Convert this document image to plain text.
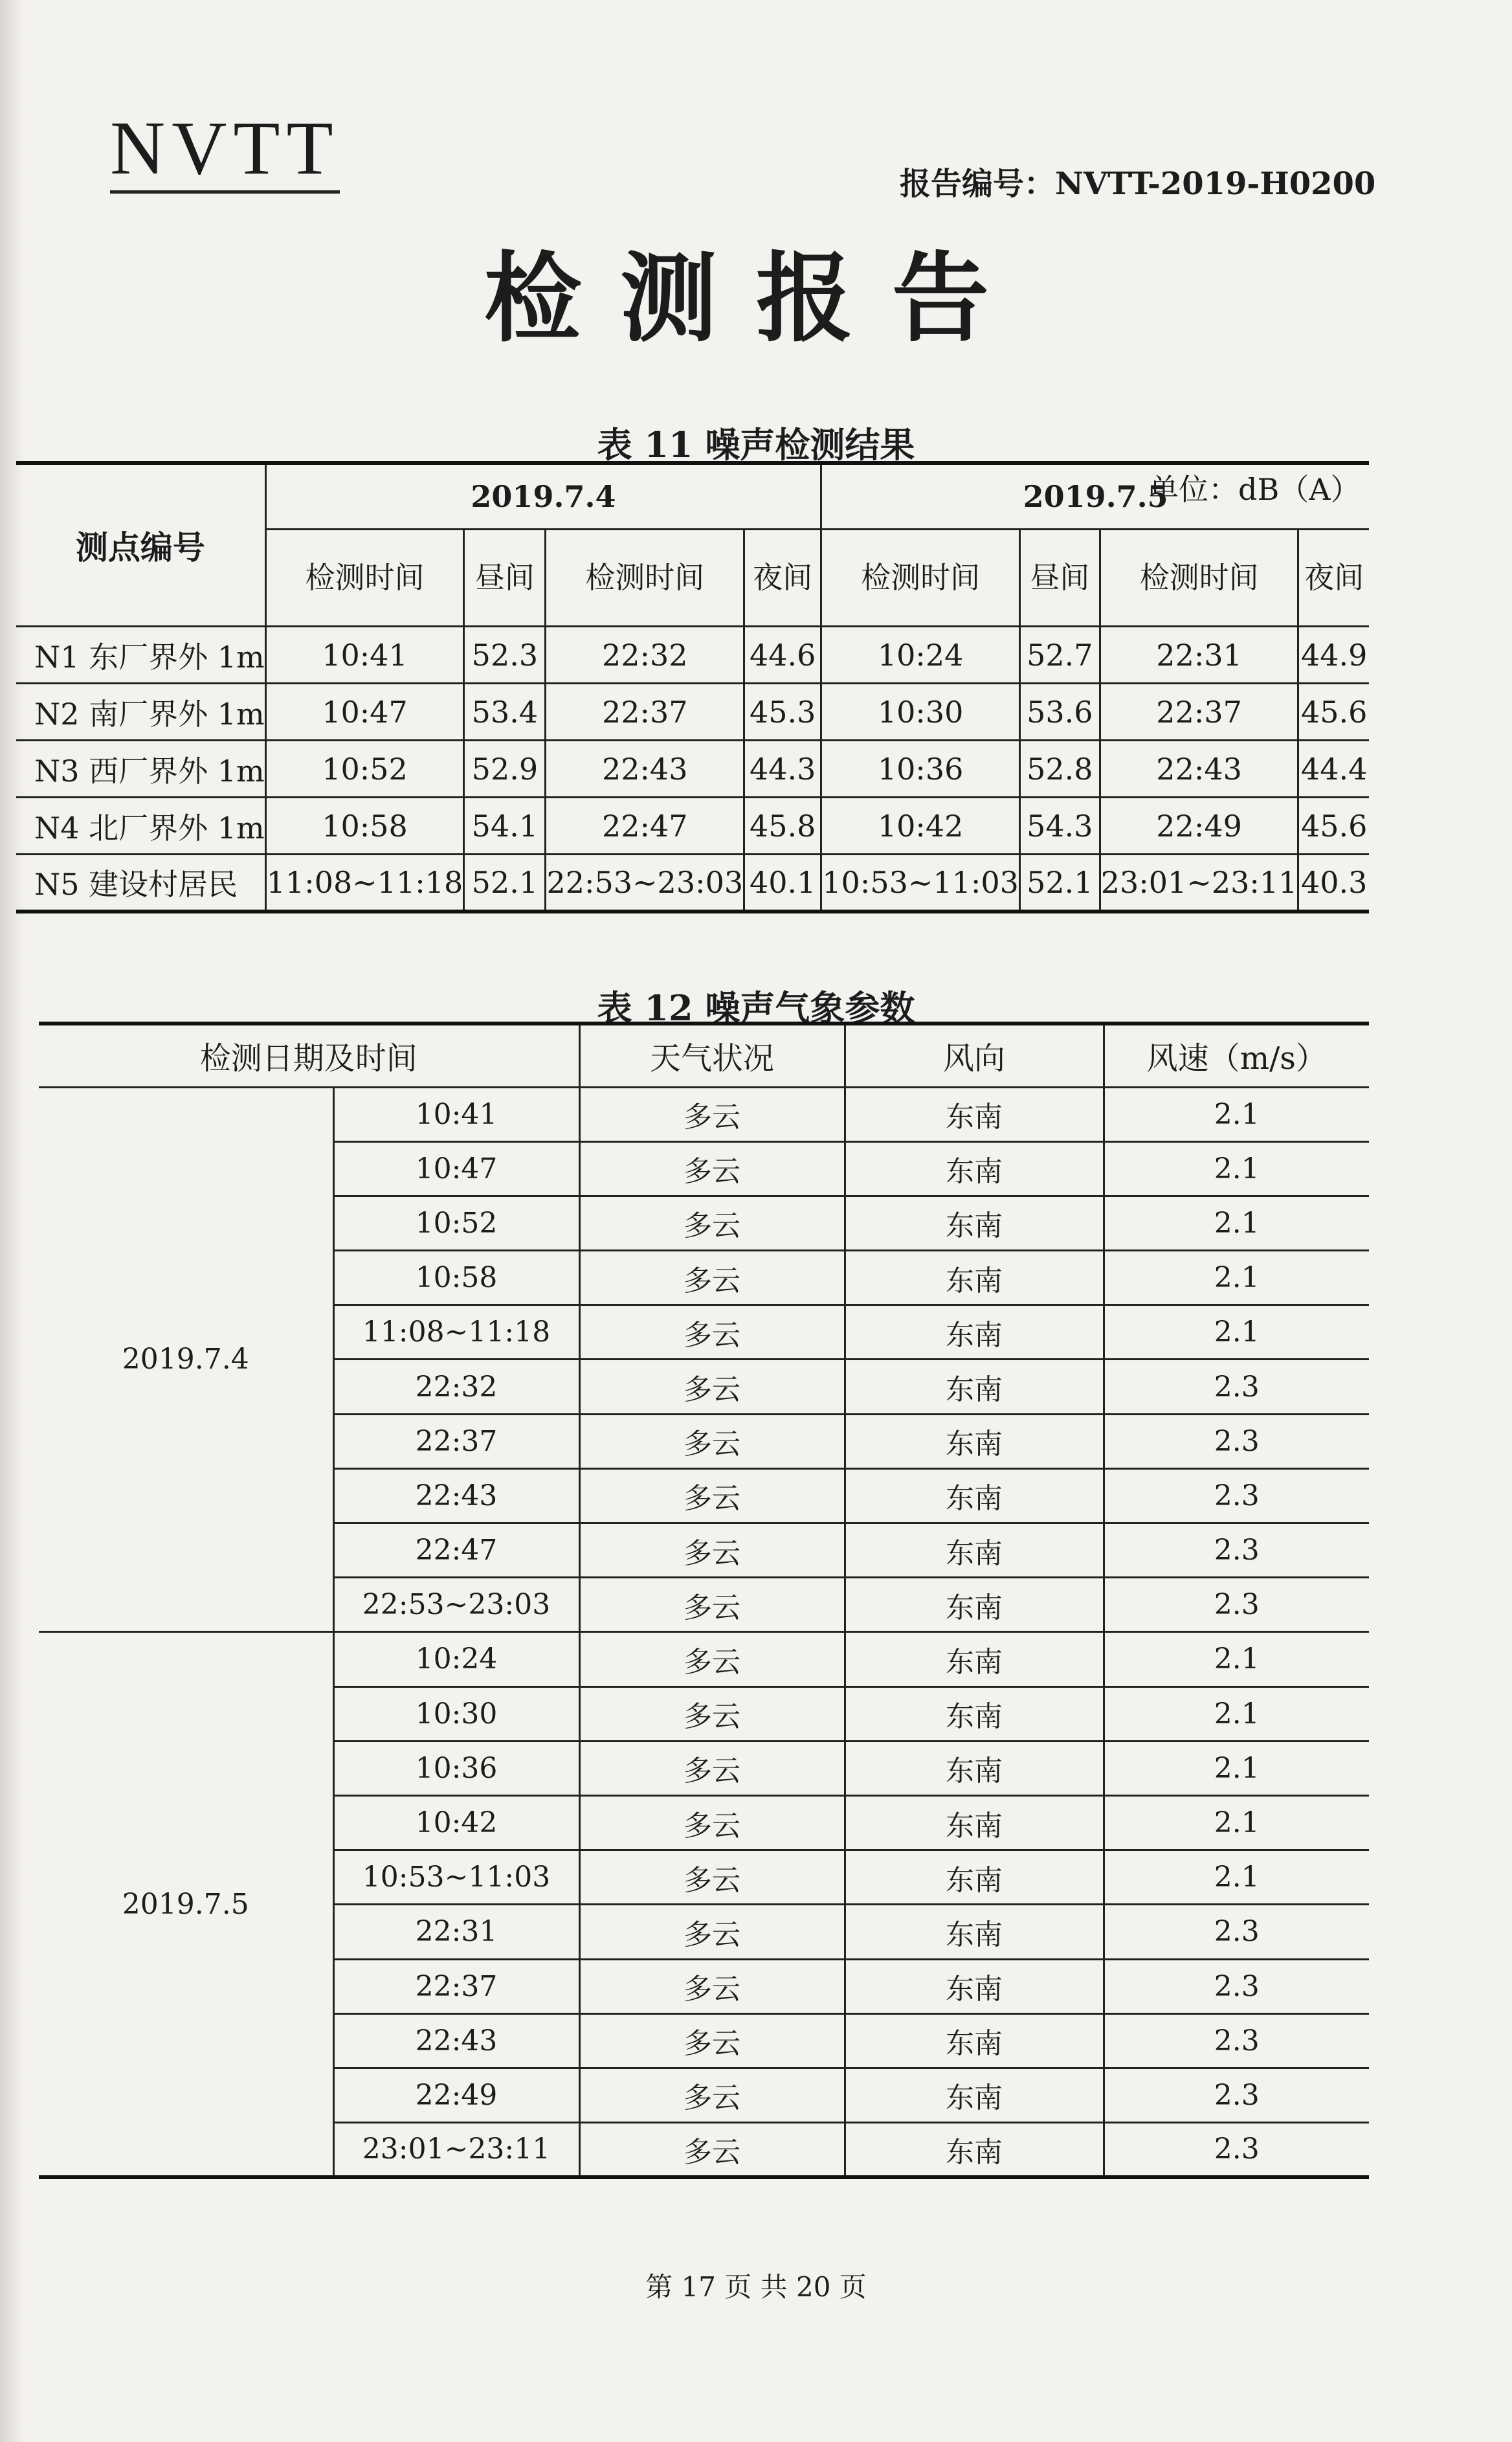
NVTT	报告编号：NVTT-2019-H0200
检测报告
表 11 噪声检测结果
单位：dB（A）
测点编号	2019.7.4				2019.7.5			
	检测时间	昼间	检测时间	夜间	检测时间	昼间	检测时间	夜间
N1 东厂界外 1m	10:41	52.3	22:32	44.6	10:24	52.7	22:31	44.9
N2 南厂界外 1m	10:47	53.4	22:37	45.3	10:30	53.6	22:37	45.6
N3 西厂界外 1m	10:52	52.9	22:43	44.3	10:36	52.8	22:43	44.4
N4 北厂界外 1m	10:58	54.1	22:47	45.8	10:42	54.3	22:49	45.6
N5 建设村居民	11:08~11:18	52.1	22:53~23:03	40.1	10:53~11:03	52.1	23:01~23:11	40.3
表 12 噪声气象参数
检测日期及时间		天气状况	风向	风速（m/s）
2019.7.4	10:41	多云	东南	2.1
	10:47	多云	东南	2.1
	10:52	多云	东南	2.1
	10:58	多云	东南	2.1
	11:08~11:18	多云	东南	2.1
	22:32	多云	东南	2.3
	22:37	多云	东南	2.3
	22:43	多云	东南	2.3
	22:47	多云	东南	2.3
	22:53~23:03	多云	东南	2.3
2019.7.5	10:24	多云	东南	2.1
	10:30	多云	东南	2.1
	10:36	多云	东南	2.1
	10:42	多云	东南	2.1
	10:53~11:03	多云	东南	2.1
	22:31	多云	东南	2.3
	22:37	多云	东南	2.3
	22:43	多云	东南	2.3
	22:49	多云	东南	2.3
	23:01~23:11	多云	东南	2.3
第 17 页 共 20 页
